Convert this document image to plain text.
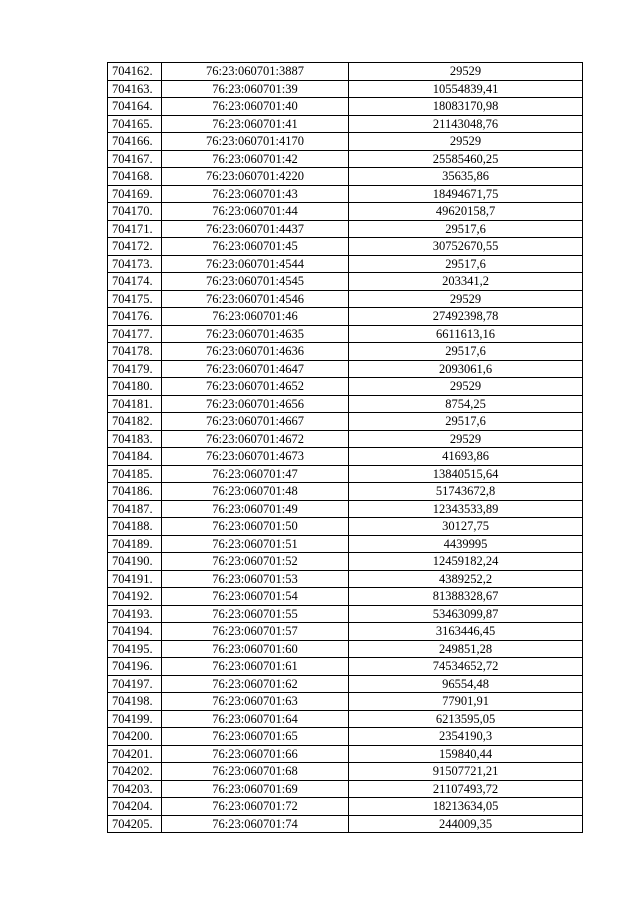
704162.	76:23:060701:3887	29529
704163.	76:23:060701:39	10554839,41
704164.	76:23:060701:40	18083170,98
704165.	76:23:060701:41	21143048,76
704166.	76:23:060701:4170	29529
704167.	76:23:060701:42	25585460,25
704168.	76:23:060701:4220	35635,86
704169.	76:23:060701:43	18494671,75
704170.	76:23:060701:44	49620158,7
704171.	76:23:060701:4437	29517,6
704172.	76:23:060701:45	30752670,55
704173.	76:23:060701:4544	29517,6
704174.	76:23:060701:4545	203341,2
704175.	76:23:060701:4546	29529
704176.	76:23:060701:46	27492398,78
704177.	76:23:060701:4635	6611613,16
704178.	76:23:060701:4636	29517,6
704179.	76:23:060701:4647	2093061,6
704180.	76:23:060701:4652	29529
704181.	76:23:060701:4656	8754,25
704182.	76:23:060701:4667	29517,6
704183.	76:23:060701:4672	29529
704184.	76:23:060701:4673	41693,86
704185.	76:23:060701:47	13840515,64
704186.	76:23:060701:48	51743672,8
704187.	76:23:060701:49	12343533,89
704188.	76:23:060701:50	30127,75
704189.	76:23:060701:51	4439995
704190.	76:23:060701:52	12459182,24
704191.	76:23:060701:53	4389252,2
704192.	76:23:060701:54	81388328,67
704193.	76:23:060701:55	53463099,87
704194.	76:23:060701:57	3163446,45
704195.	76:23:060701:60	249851,28
704196.	76:23:060701:61	74534652,72
704197.	76:23:060701:62	96554,48
704198.	76:23:060701:63	77901,91
704199.	76:23:060701:64	6213595,05
704200.	76:23:060701:65	2354190,3
704201.	76:23:060701:66	159840,44
704202.	76:23:060701:68	91507721,21
704203.	76:23:060701:69	21107493,72
704204.	76:23:060701:72	18213634,05
704205.	76:23:060701:74	244009,35
